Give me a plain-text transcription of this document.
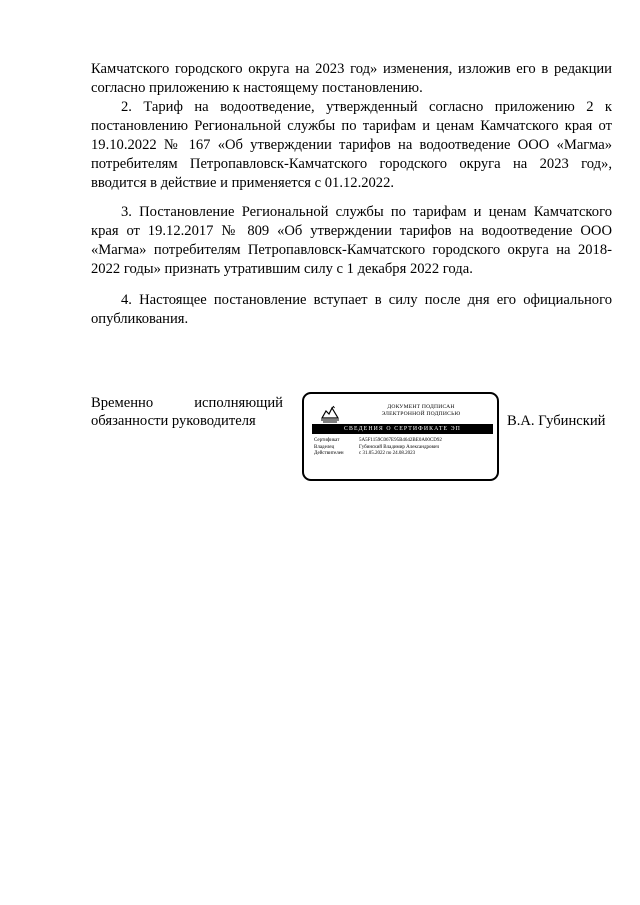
Камчатского городского округа на 2023 год» изменения, изложив его в редакции согласно приложению к настоящему постановлению.

2. Тариф на водоотведение, утвержденный согласно приложению 2 к постановлению Региональной службы по тарифам и ценам Камчатского края от 19.10.2022 № 167 «Об утверждении тарифов на водоотведение ООО «Магма» потребителям Петропавловск-Камчатского городского округа на 2023 год», вводится в действие и применяется с 01.12.2022.

3. Постановление Региональной службы по тарифам и ценам Камчатского края от 19.12.2017 № 809 «Об утверждении тарифов на водоотведение ООО «Магма» потребителям Петропавловск-Камчатского городского округа на 2018-2022 годы» признать утратившим силу с 1 декабря 2022 года.

4. Настоящее постановление вступает в силу после дня его официального опубликования.

Временно	исполняющий
обязанности руководителя
ДОКУМЕНТ ПОДПИСАН
ЭЛЕКТРОННОЙ ПОДПИСЬЮ
СВЕДЕНИЯ О СЕРТИФИКАТЕ ЭП
Сертификат	5A5F1159C067E95B4642BE0A00CD92
Владелец	Губинский Владимир Александрович
Действителен	с 31.05.2022 по 24.08.2023
В.А. Губинский
